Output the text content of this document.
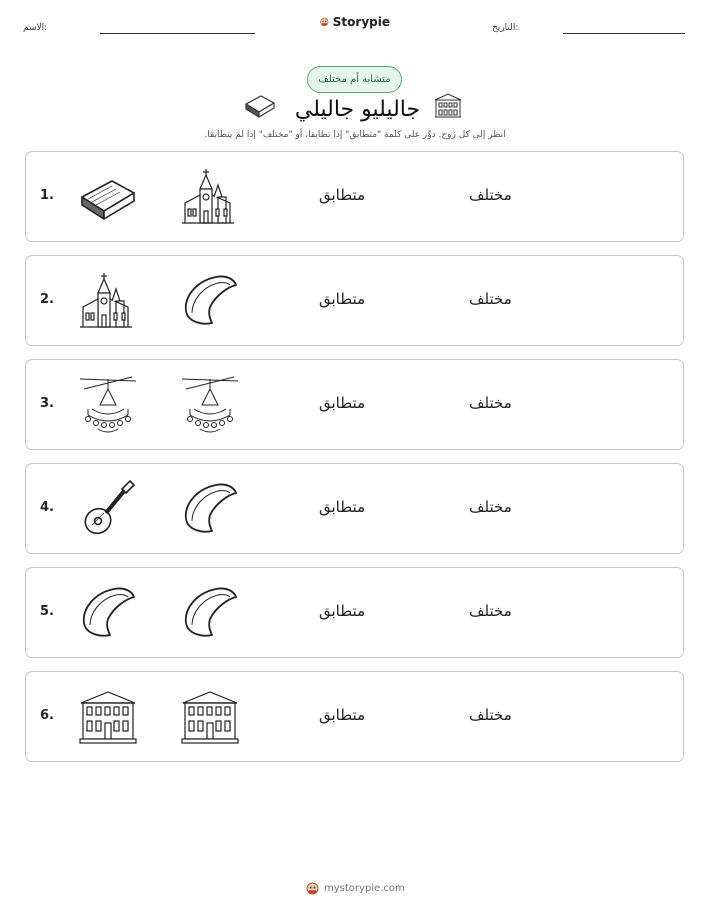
الاسم:	Storypie	التاريخ:
متشابه أم مختلف
جاليليو جاليلي
انظر إلى كل زوج. دوِّر على كلمة "متطابق" إذا تطابقا، أو "مختلف" إذا لم يتطابقا.
1.	متطابق	مختلف
2.	متطابق	مختلف
3.	متطابق	مختلف
4.	متطابق	مختلف
5.	متطابق	مختلف
6.	متطابق	مختلف
mystorypie.com
